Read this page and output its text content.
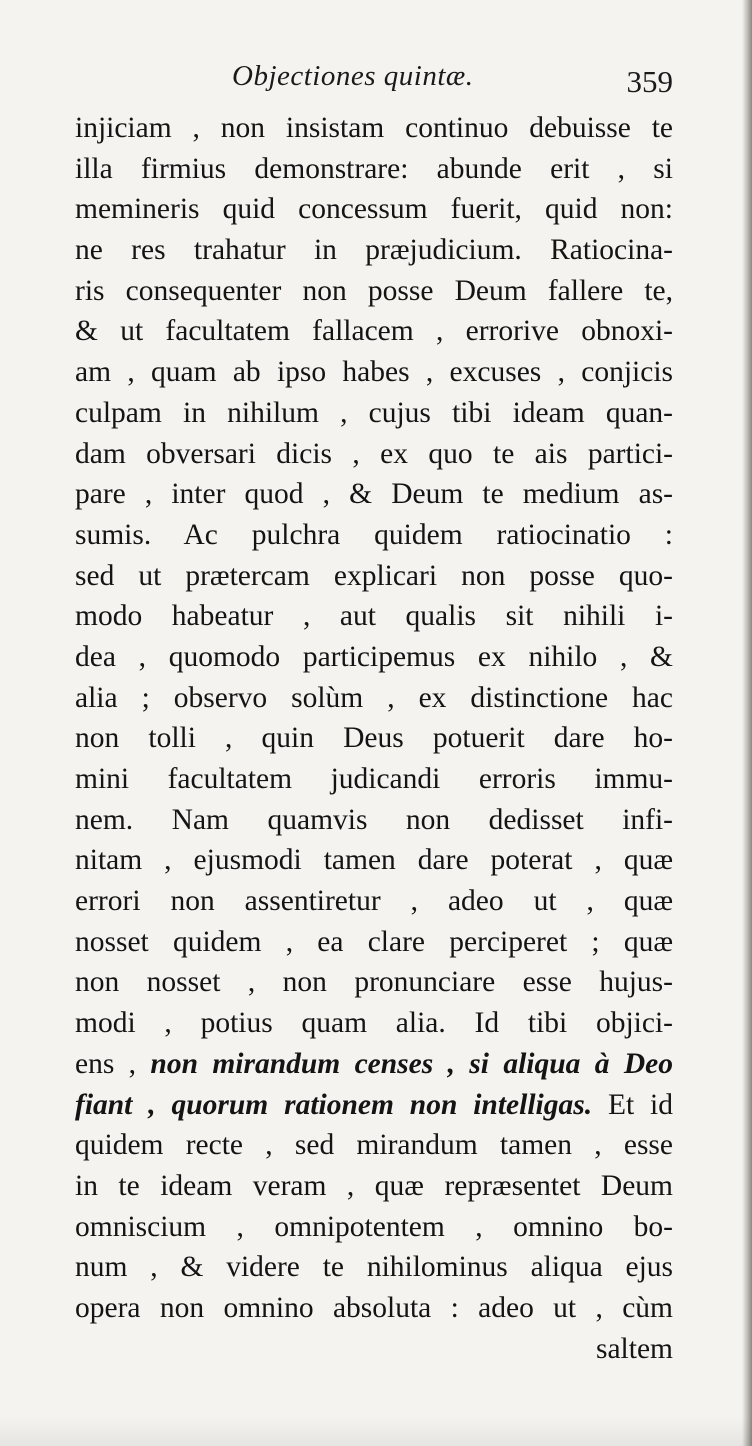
Objectiones quintæ.	359
injiciam , non insistam continuo debuisse te
illa firmius demonstrare: abunde erit , si
memineris quid concessum fuerit, quid non:
ne res trahatur in præjudicium. Ratiocina-
ris consequenter non posse Deum fallere te,
& ut facultatem fallacem , errorive obnoxi-
am , quam ab ipso habes , excuses , conjicis
culpam in nihilum , cujus tibi ideam quan-
dam obversari dicis , ex quo te ais partici-
pare , inter quod , & Deum te medium as-
sumis. Ac pulchra quidem ratiocinatio :
sed ut prætercam explicari non posse quo-
modo habeatur , aut qualis sit nihili i-
dea , quomodo participemus ex nihilo , &
alia ; observo solùm , ex distinctione hac
non tolli , quin Deus potuerit dare ho-
mini facultatem judicandi erroris immu-
nem. Nam quamvis non dedisset infi-
nitam , ejusmodi tamen dare poterat , quæ
errori non assentiretur , adeo ut , quæ
nosset quidem , ea clare perciperet ; quæ
non nosset , non pronunciare esse hujus-
modi , potius quam alia. Id tibi objici-
ens , non mirandum censes , si aliqua à Deo
fiant , quorum rationem non intelligas. Et id
quidem recte , sed mirandum tamen , esse
in te ideam veram , quæ repræsentet Deum
omniscium , omnipotentem , omnino bo-
num , & videre te nihilominus aliqua ejus
opera non omnino absoluta : adeo ut , cùm
saltem
